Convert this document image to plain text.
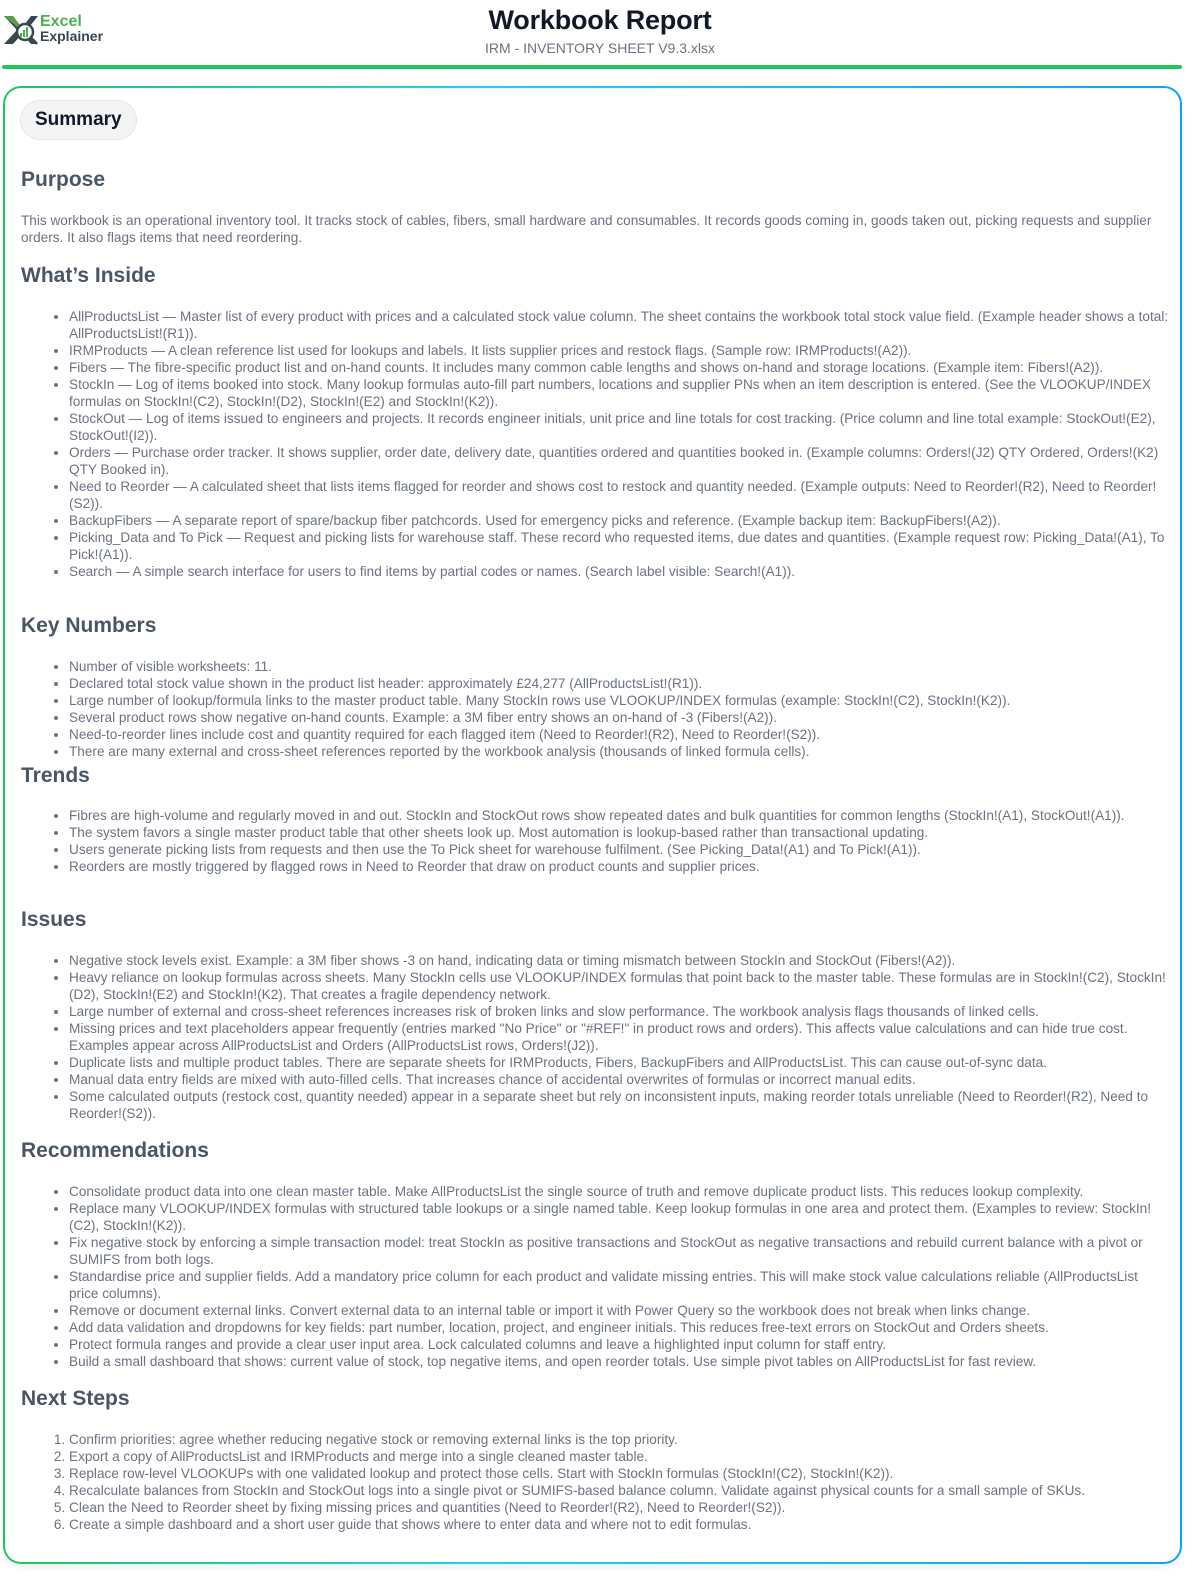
Excel
Explainer
Workbook Report
IRM - INVENTORY SHEET V9.3.xlsx
Summary
Purpose

This workbook is an operational inventory tool. It tracks stock of cables, fibers, small hardware and consumables. It records goods coming in, goods taken out, picking requests and supplier orders. It also flags items that need reordering.

What’s Inside
• AllProductsList — Master list of every product with prices and a calculated stock value column. The sheet contains the workbook total stock value field. (Example header shows a total: AllProductsList!(R1)).
• IRMProducts — A clean reference list used for lookups and labels. It lists supplier prices and restock flags. (Sample row: IRMProducts!(A2)).
• Fibers — The fibre-specific product list and on-hand counts. It includes many common cable lengths and shows on-hand and storage locations. (Example item: Fibers!(A2)).
• StockIn — Log of items booked into stock. Many lookup formulas auto-fill part numbers, locations and supplier PNs when an item description is entered. (See the VLOOKUP/INDEX formulas on StockIn!(C2), StockIn!(D2), StockIn!(E2) and StockIn!(K2)).
• StockOut — Log of items issued to engineers and projects. It records engineer initials, unit price and line totals for cost tracking. (Price column and line total example: StockOut!(E2), StockOut!(I2)).
• Orders — Purchase order tracker. It shows supplier, order date, delivery date, quantities ordered and quantities booked in. (Example columns: Orders!(J2) QTY Ordered, Orders!(K2) QTY Booked in).
• Need to Reorder — A calculated sheet that lists items flagged for reorder and shows cost to restock and quantity needed. (Example outputs: Need to Reorder!(R2), Need to Reorder!(S2)).
• BackupFibers — A separate report of spare/backup fiber patchcords. Used for emergency picks and reference. (Example backup item: BackupFibers!(A2)).
• Picking_Data and To Pick — Request and picking lists for warehouse staff. These record who requested items, due dates and quantities. (Example request row: Picking_Data!(A1), To Pick!(A1)).
• Search — A simple search interface for users to find items by partial codes or names. (Search label visible: Search!(A1)).
Key Numbers
• Number of visible worksheets: 11.
• Declared total stock value shown in the product list header: approximately £24,277 (AllProductsList!(R1)).
• Large number of lookup/formula links to the master product table. Many StockIn rows use VLOOKUP/INDEX formulas (example: StockIn!(C2), StockIn!(K2)).
• Several product rows show negative on-hand counts. Example: a 3M fiber entry shows an on-hand of -3 (Fibers!(A2)).
• Need-to-reorder lines include cost and quantity required for each flagged item (Need to Reorder!(R2), Need to Reorder!(S2)).
• There are many external and cross-sheet references reported by the workbook analysis (thousands of linked formula cells).
Trends
• Fibres are high-volume and regularly moved in and out. StockIn and StockOut rows show repeated dates and bulk quantities for common lengths (StockIn!(A1), StockOut!(A1)).
• The system favors a single master product table that other sheets look up. Most automation is lookup-based rather than transactional updating.
• Users generate picking lists from requests and then use the To Pick sheet for warehouse fulfilment. (See Picking_Data!(A1) and To Pick!(A1)).
• Reorders are mostly triggered by flagged rows in Need to Reorder that draw on product counts and supplier prices.
Issues
• Negative stock levels exist. Example: a 3M fiber shows -3 on hand, indicating data or timing mismatch between StockIn and StockOut (Fibers!(A2)).
• Heavy reliance on lookup formulas across sheets. Many StockIn cells use VLOOKUP/INDEX formulas that point back to the master table. These formulas are in StockIn!(C2), StockIn!(D2), StockIn!(E2) and StockIn!(K2). That creates a fragile dependency network.
• Large number of external and cross-sheet references increases risk of broken links and slow performance. The workbook analysis flags thousands of linked cells.
• Missing prices and text placeholders appear frequently (entries marked "No Price" or "#REF!" in product rows and orders). This affects value calculations and can hide true cost. Examples appear across AllProductsList and Orders (AllProductsList rows, Orders!(J2)).
• Duplicate lists and multiple product tables. There are separate sheets for IRMProducts, Fibers, BackupFibers and AllProductsList. This can cause out-of-sync data.
• Manual data entry fields are mixed with auto-filled cells. That increases chance of accidental overwrites of formulas or incorrect manual edits.
• Some calculated outputs (restock cost, quantity needed) appear in a separate sheet but rely on inconsistent inputs, making reorder totals unreliable (Need to Reorder!(R2), Need to Reorder!(S2)).
Recommendations
• Consolidate product data into one clean master table. Make AllProductsList the single source of truth and remove duplicate product lists. This reduces lookup complexity.
• Replace many VLOOKUP/INDEX formulas with structured table lookups or a single named table. Keep lookup formulas in one area and protect them. (Examples to review: StockIn!(C2), StockIn!(K2)).
• Fix negative stock by enforcing a simple transaction model: treat StockIn as positive transactions and StockOut as negative transactions and rebuild current balance with a pivot or SUMIFS from both logs.
• Standardise price and supplier fields. Add a mandatory price column for each product and validate missing entries. This will make stock value calculations reliable (AllProductsList price columns).
• Remove or document external links. Convert external data to an internal table or import it with Power Query so the workbook does not break when links change.
• Add data validation and dropdowns for key fields: part number, location, project, and engineer initials. This reduces free-text errors on StockOut and Orders sheets.
• Protect formula ranges and provide a clear user input area. Lock calculated columns and leave a highlighted input column for staff entry.
• Build a small dashboard that shows: current value of stock, top negative items, and open reorder totals. Use simple pivot tables on AllProductsList for fast review.
Next Steps
1. Confirm priorities: agree whether reducing negative stock or removing external links is the top priority.
2. Export a copy of AllProductsList and IRMProducts and merge into a single cleaned master table.
3. Replace row-level VLOOKUPs with one validated lookup and protect those cells. Start with StockIn formulas (StockIn!(C2), StockIn!(K2)).
4. Recalculate balances from StockIn and StockOut logs into a single pivot or SUMIFS-based balance column. Validate against physical counts for a small sample of SKUs.
5. Clean the Need to Reorder sheet by fixing missing prices and quantities (Need to Reorder!(R2), Need to Reorder!(S2)).
6. Create a simple dashboard and a short user guide that shows where to enter data and where not to edit formulas.
